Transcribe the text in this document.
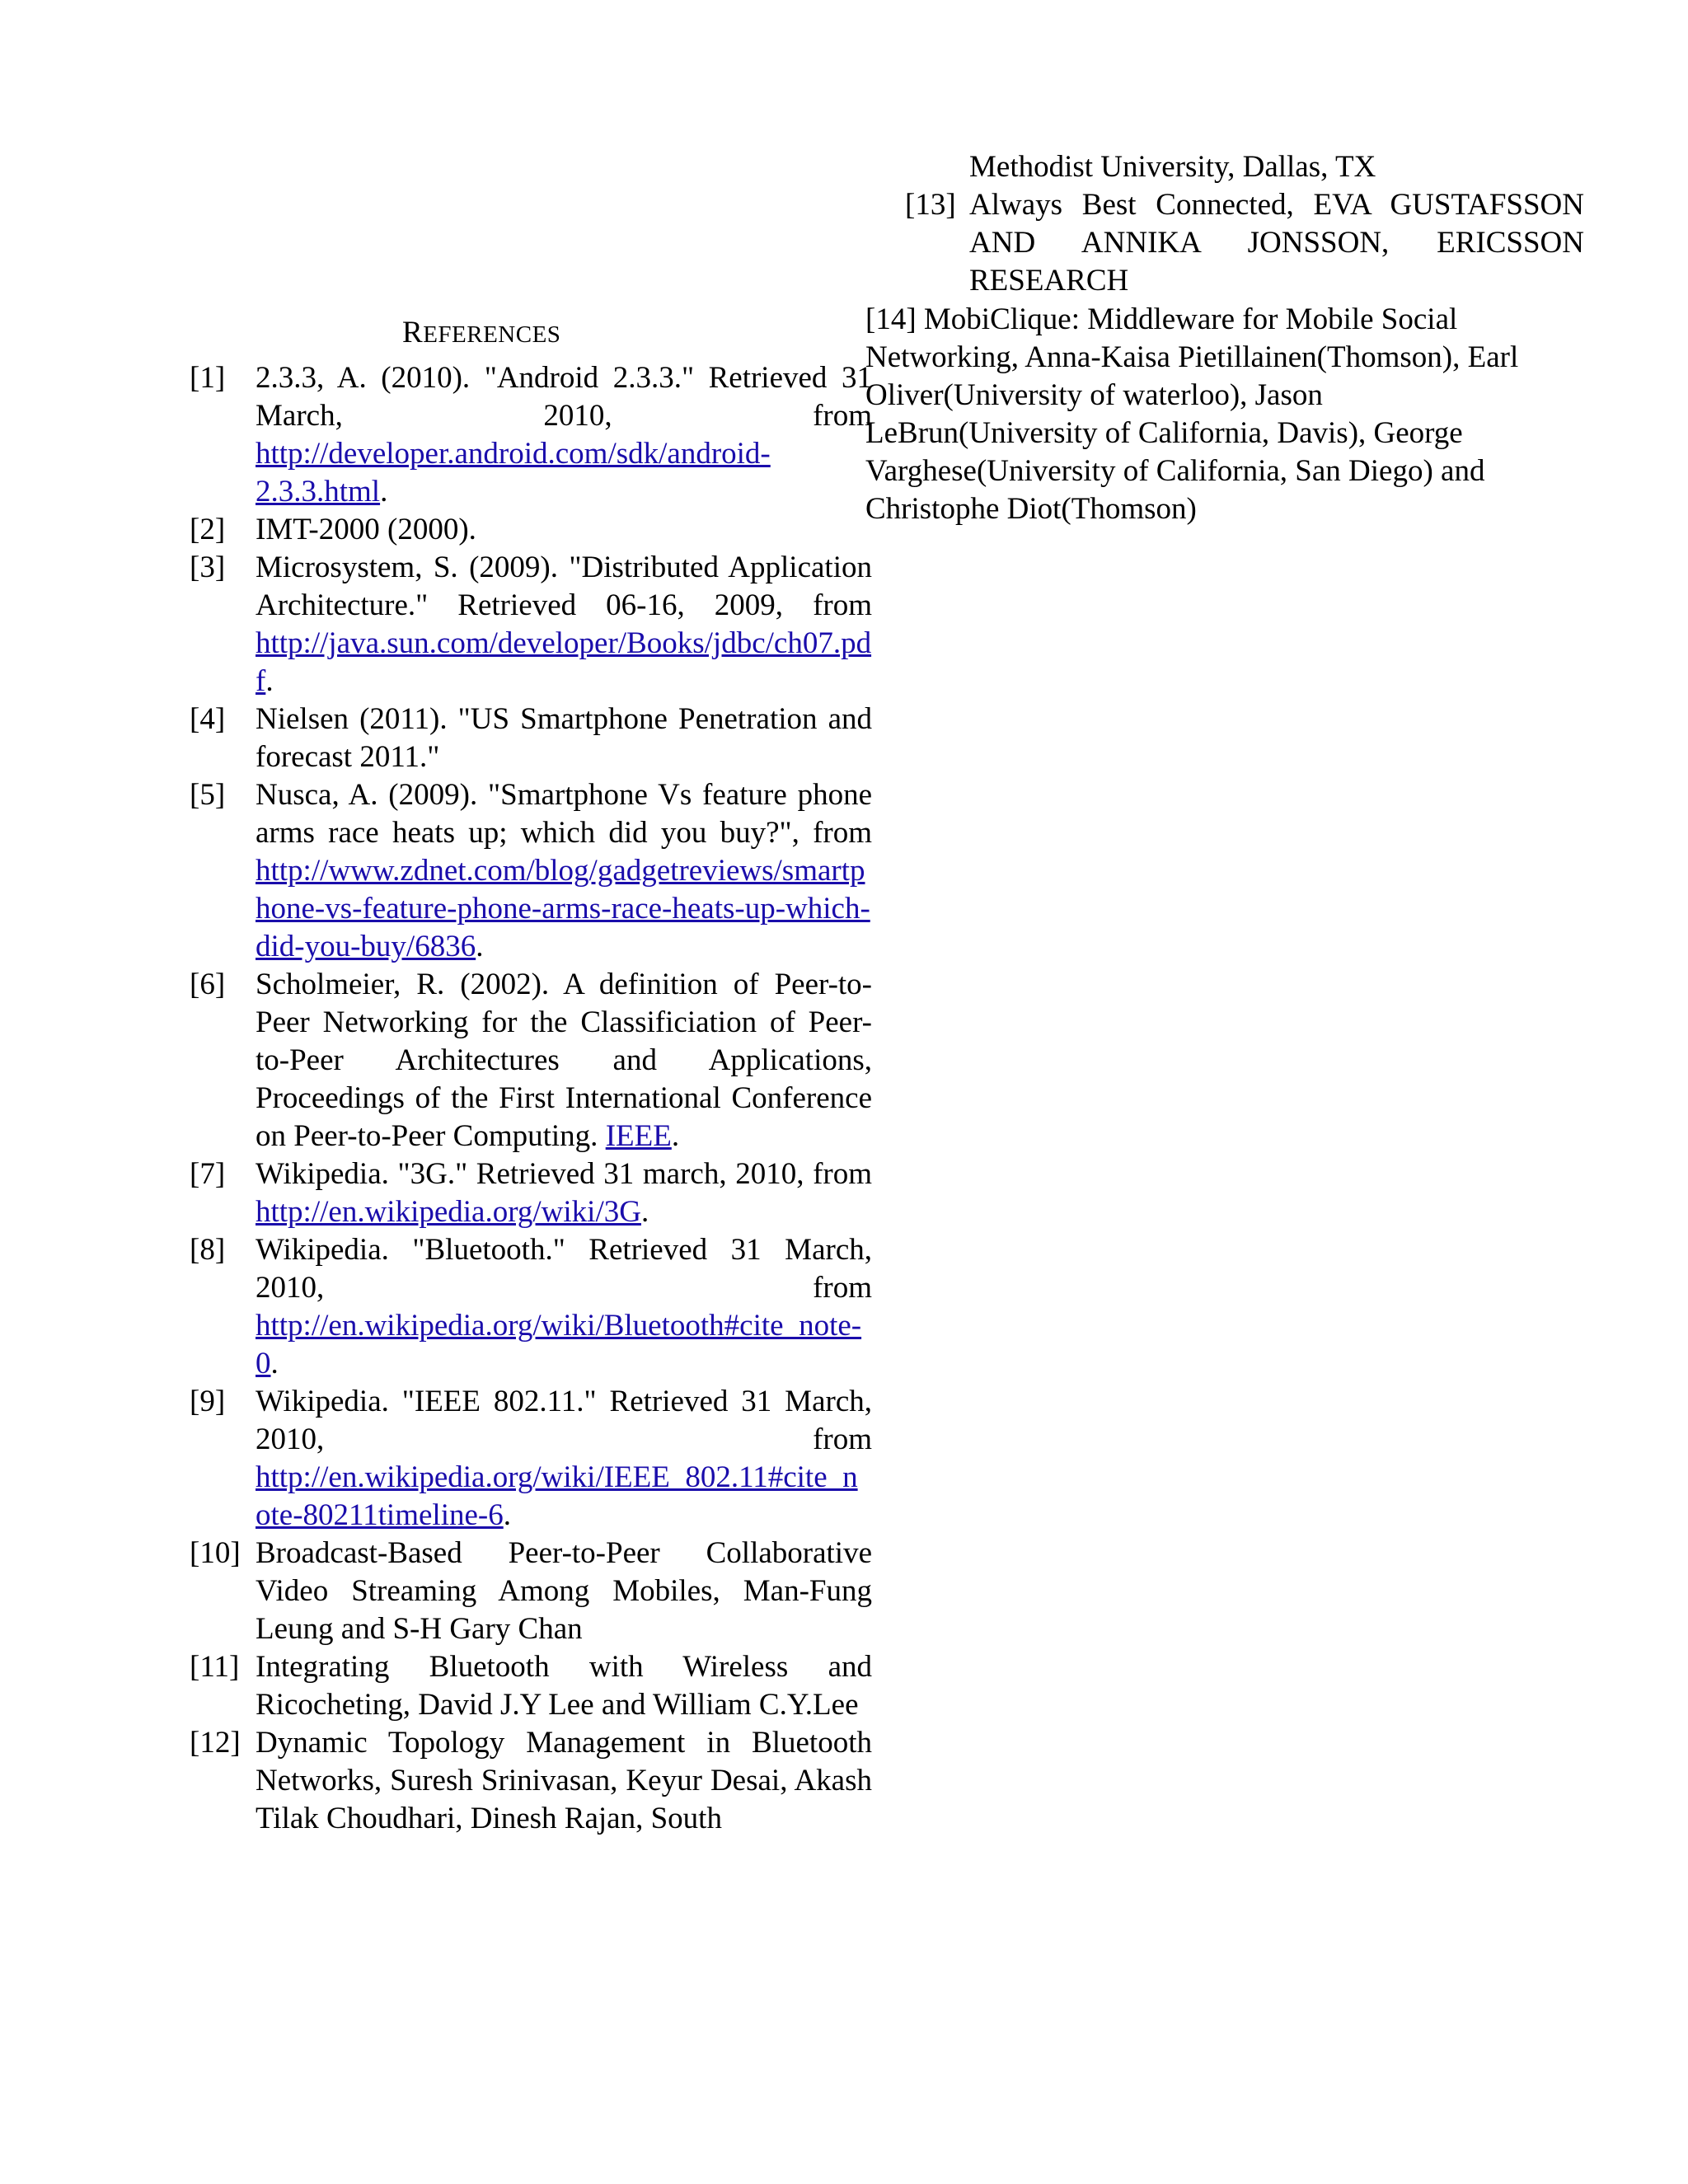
REFERENCES
[1] 2.3.3, A. (2010). "Android 2.3.3." Retrieved 31 March, 2010, from http://developer.android.com/sdk/android-2.3.3.html.
[2] IMT-2000 (2000).
[3] Microsystem, S. (2009). "Distributed Application Architecture." Retrieved 06-16, 2009, from http://java.sun.com/developer/Books/jdbc/ch07.pdf.
[4] Nielsen (2011). "US Smartphone Penetration and forecast 2011."
[5] Nusca, A. (2009). "Smartphone Vs feature phone arms race heats up; which did you buy?", from http://www.zdnet.com/blog/gadgetreviews/smartphone-vs-feature-phone-arms-race-heats-up-which-did-you-buy/6836.
[6] Scholmeier, R. (2002). A definition of Peer-to-Peer Networking for the Classificiation of Peer-to-Peer Architectures and Applications, Proceedings of the First International Conference on Peer-to-Peer Computing. IEEE.
[7] Wikipedia. "3G." Retrieved 31 march, 2010, from http://en.wikipedia.org/wiki/3G.
[8] Wikipedia. "Bluetooth." Retrieved 31 March, 2010, from http://en.wikipedia.org/wiki/Bluetooth#cite_note-0.
[9] Wikipedia. "IEEE 802.11." Retrieved 31 March, 2010, from http://en.wikipedia.org/wiki/IEEE_802.11#cite_note-80211timeline-6.
[10] Broadcast-Based Peer-to-Peer Collaborative Video Streaming Among Mobiles, Man-Fung Leung and S-H Gary Chan
[11] Integrating Bluetooth with Wireless and Ricocheting, David J.Y Lee and William C.Y.Lee
[12] Dynamic Topology Management in Bluetooth Networks, Suresh Srinivasan, Keyur Desai, Akash Tilak Choudhari, Dinesh Rajan, South
Methodist University, Dallas, TX
[13] Always Best Connected, EVA GUSTAFSSON AND ANNIKA JONSSON, ERICSSON RESEARCH
[14] MobiClique: Middleware for Mobile Social Networking, Anna-Kaisa Pietillainen(Thomson), Earl Oliver(University of waterloo), Jason LeBrun(University of California, Davis), George Varghese(University of California, San Diego) and Christophe Diot(Thomson)
